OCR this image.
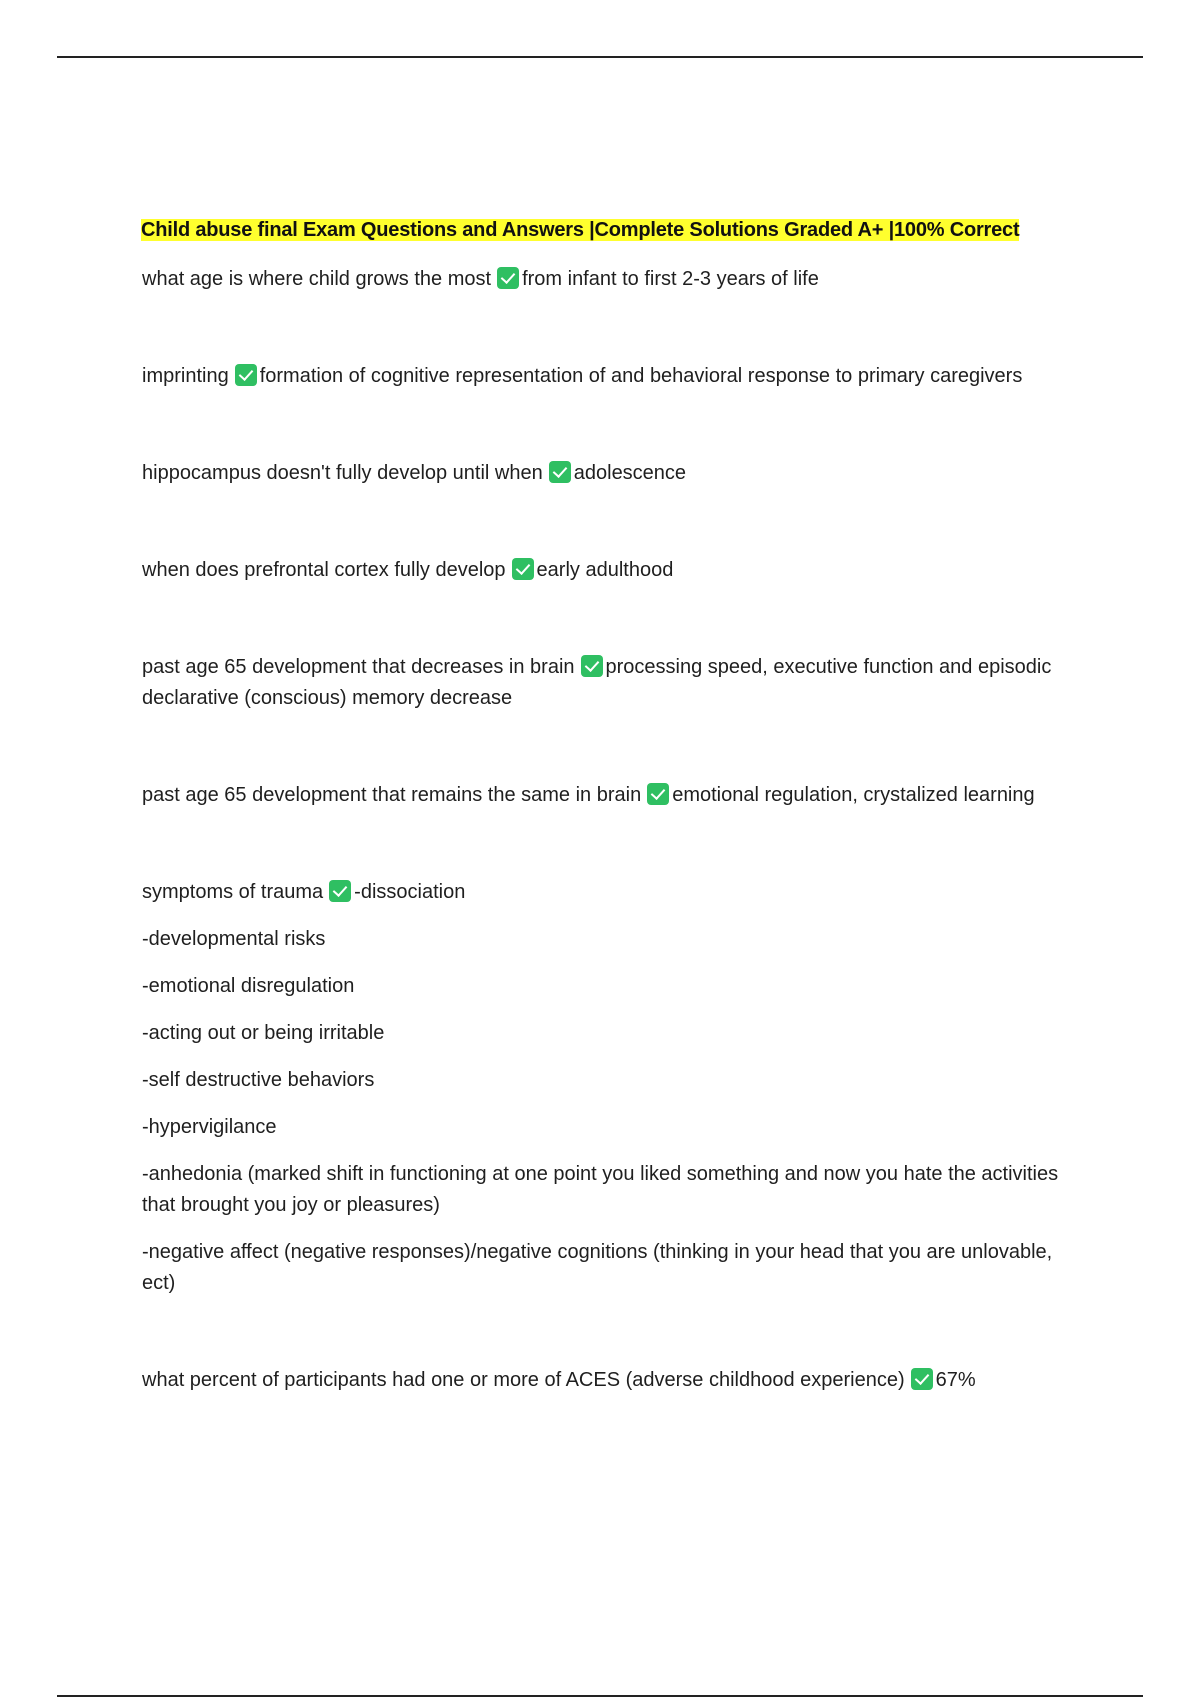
Child abuse final Exam Questions and Answers |Complete Solutions Graded A+ |100% Correct

what age is where child grows the most from infant to first 2-3 years of life

imprinting formation of cognitive representation of and behavioral response to primary caregivers

hippocampus doesn't fully develop until when adolescence

when does prefrontal cortex fully develop early adulthood

past age 65 development that decreases in brain processing speed, executive function and episodic declarative (conscious) memory decrease

past age 65 development that remains the same in brain emotional regulation, crystalized learning

symptoms of trauma -dissociation
-developmental risks
-emotional disregulation
-acting out or being irritable
-self destructive behaviors
-hypervigilance
-anhedonia (marked shift in functioning at one point you liked something and now you hate the activities that brought you joy or pleasures)
-negative affect (negative responses)/negative cognitions (thinking in your head that you are unlovable, ect)

what percent of participants had one or more of ACES (adverse childhood experience) 67%
